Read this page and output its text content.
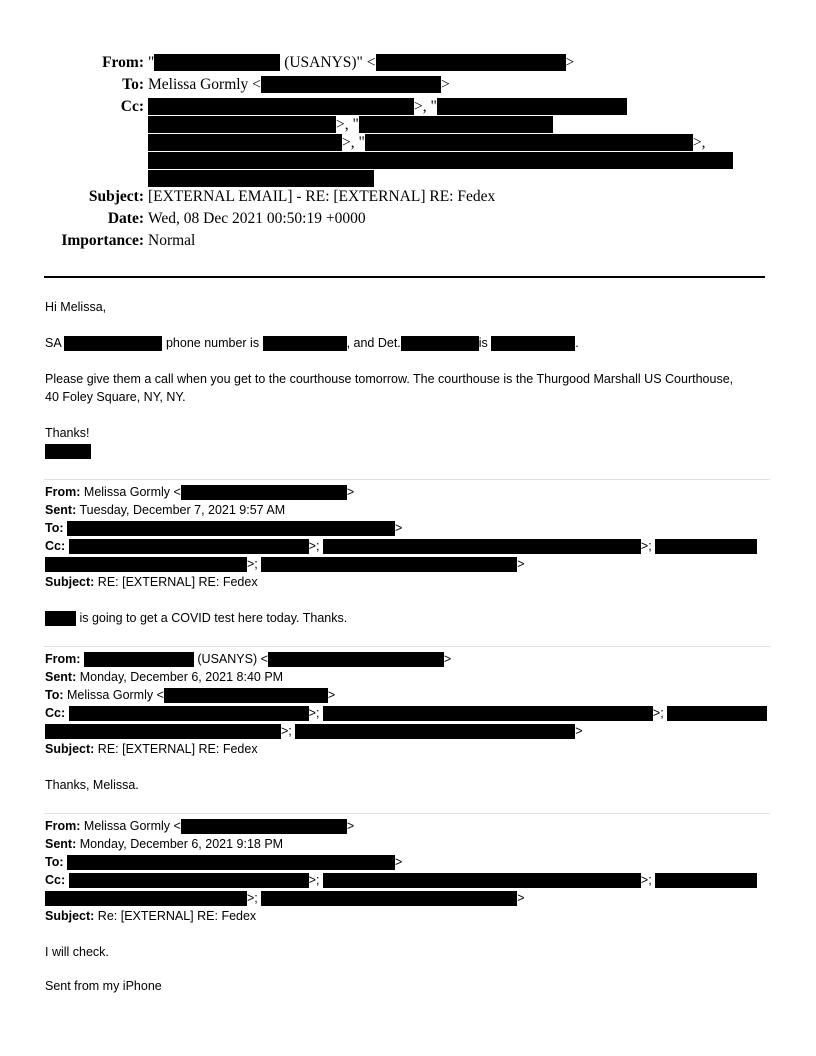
From: "	(USANYS)" <	>
To: Melissa Gormly <	>
Cc:	>, "
>, "
>, "	>,
Subject: [EXTERNAL EMAIL] - RE: [EXTERNAL] RE: Fedex
Date: Wed, 08 Dec 2021 00:50:19 +0000
Importance: Normal
Hi Melissa,
SA	phone number is	, and Det.	is	.
Please give them a call when you get to the courthouse tomorrow. The courthouse is the Thurgood Marshall US Courthouse, 40 Foley Square, NY, NY.
Thanks!
From: Melissa Gormly <	>
Sent: Tuesday, December 7, 2021 9:57 AM
To:	>
Cc:	>;	>;
>;	>
Subject: RE: [EXTERNAL] RE: Fedex
is going to get a COVID test here today. Thanks.
From:	(USANYS) <	>
Sent: Monday, December 6, 2021 8:40 PM
To: Melissa Gormly <	>
Cc:	>;	>;
>;	>
Subject: RE: [EXTERNAL] RE: Fedex
Thanks, Melissa.
From: Melissa Gormly <	>
Sent: Monday, December 6, 2021 9:18 PM
To:	>
Cc:	>;	>;
>;	>
Subject: Re: [EXTERNAL] RE: Fedex
I will check.
Sent from my iPhone
